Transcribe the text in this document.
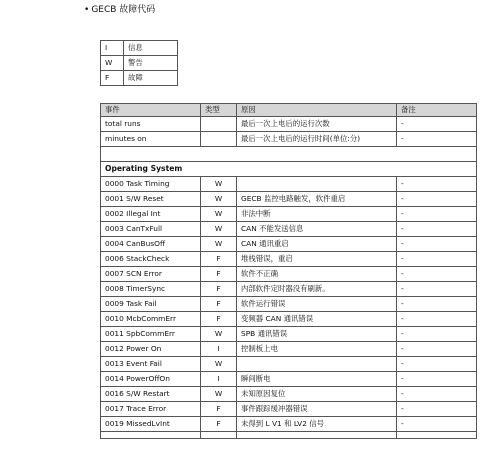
• GECB 故障代码
I	信息
W	警告
F	故障
事件	类型	原因	备注
total runs		最后一次上电后的运行次数	-
minutes on		最后一次上电后的运行时间(单位:分)	-

Operating System			
0000 Task Timing	W		-
0001 S/W Reset	W	GECB 监控电路触发，软件重启	-
0002 Illegal Int	W	非法中断	-
0003 CanTxFull	W	CAN 不能发送信息	-
0004 CanBusOff	W	CAN 通讯重启	-
0006 StackCheck	F	堆栈错误，重启	-
0007 SCN Error	F	软件不正确	-
0008 TimerSync	F	内部软件定时器没有刷新。	-
0009 Task Fail	F	软件运行错误	-
0010 McbCommErr	F	变频器 CAN 通讯错误	-
0011 SpbCommErr	W	SPB 通讯错误	-
0012 Power On	I	控制板上电	-
0013 Event Fail	W		-
0014 PowerOffOn	I	瞬间断电	-
0016 S/W Restart	W	未知原因复位	-
0017 Trace Error	F	事件跟踪缓冲器错误	-
0019 MissedLvInt	F	未得到 L V1 和 LV2 信号	-
